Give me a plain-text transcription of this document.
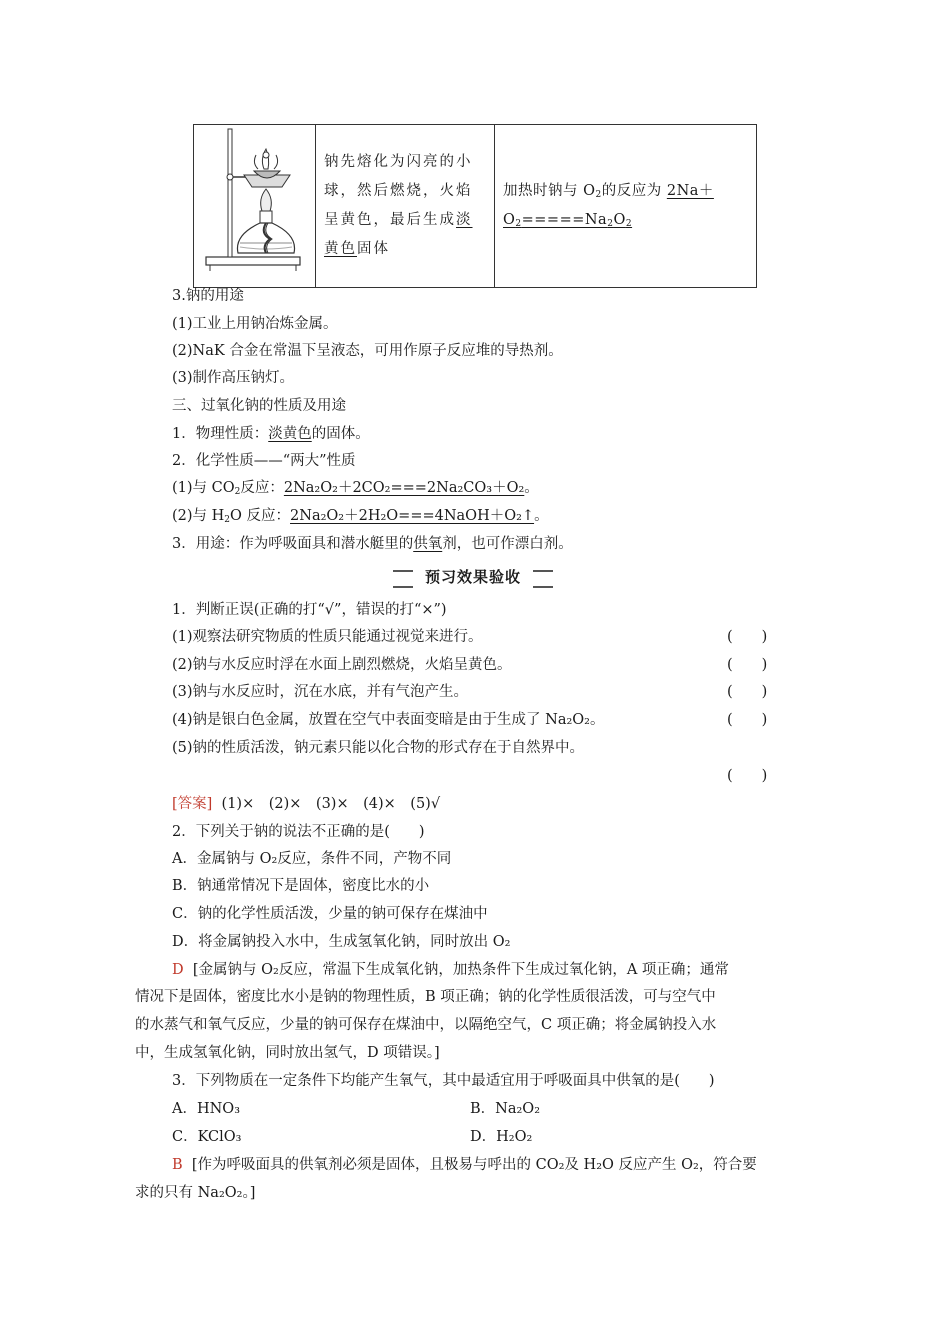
钠先熔化为闪亮的小
球，然后燃烧，火焰
呈黄色，最后生成淡
黄色固体

加热时钠与 $O_2$的反应为 2Na＋
$O_2=====Na_2O_2$
3.钠的用途
(1)工业上用钠冶炼金属。
(2)NaK 合金在常温下呈液态，可用作原子反应堆的导热剂。
(3)制作高压钠灯。
三、过氧化钠的性质及用途
1．物理性质：淡黄色的固体。
2．化学性质——“两大”性质
(1)与 $CO_2$反应：2Na₂O₂＋2CO₂===2Na₂CO₃＋O₂。
(2)与 $H_2O$ 反应：2Na₂O₂＋2H₂O===4NaOH＋O₂↑。
3．用途：作为呼吸面具和潜水艇里的供氧剂，也可作漂白剂。
预习效果验收
1．判断正误(正确的打“√”，错误的打“×”)
(1)观察法研究物质的性质只能通过视觉来进行。	(　　)
(2)钠与水反应时浮在水面上剧烈燃烧，火焰呈黄色。	(　　)
(3)钠与水反应时，沉在水底，并有气泡产生。	(　　)
(4)钠是银白色金属，放置在空气中表面变暗是由于生成了 Na₂O₂。	(　　)
(5)钠的性质活泼，钠元素只能以化合物的形式存在于自然界中。
(　　)
[答案] (1)×　(2)×　(3)×　(4)×　(5)√
2．下列关于钠的说法不正确的是(　　)
A．金属钠与 O₂反应，条件不同，产物不同
B．钠通常情况下是固体，密度比水的小
C．钠的化学性质活泼，少量的钠可保存在煤油中
D．将金属钠投入水中，生成氢氧化钠，同时放出 O₂
D [金属钠与 O₂反应，常温下生成氧化钠，加热条件下生成过氧化钠，A 项正确；通常
情况下是固体，密度比水小是钠的物理性质，B 项正确；钠的化学性质很活泼，可与空气中
的水蒸气和氧气反应，少量的钠可保存在煤油中，以隔绝空气，C 项正确；将金属钠投入水
中，生成氢氧化钠，同时放出氢气，D 项错误。]
3．下列物质在一定条件下均能产生氧气，其中最适宜用于呼吸面具中供氧的是(　　)
A．HNO₃	B．Na₂O₂
C．KClO₃	D．H₂O₂
B [作为呼吸面具的供氧剂必须是固体，且极易与呼出的 CO₂及 H₂O 反应产生 O₂，符合要
求的只有 Na₂O₂。]
